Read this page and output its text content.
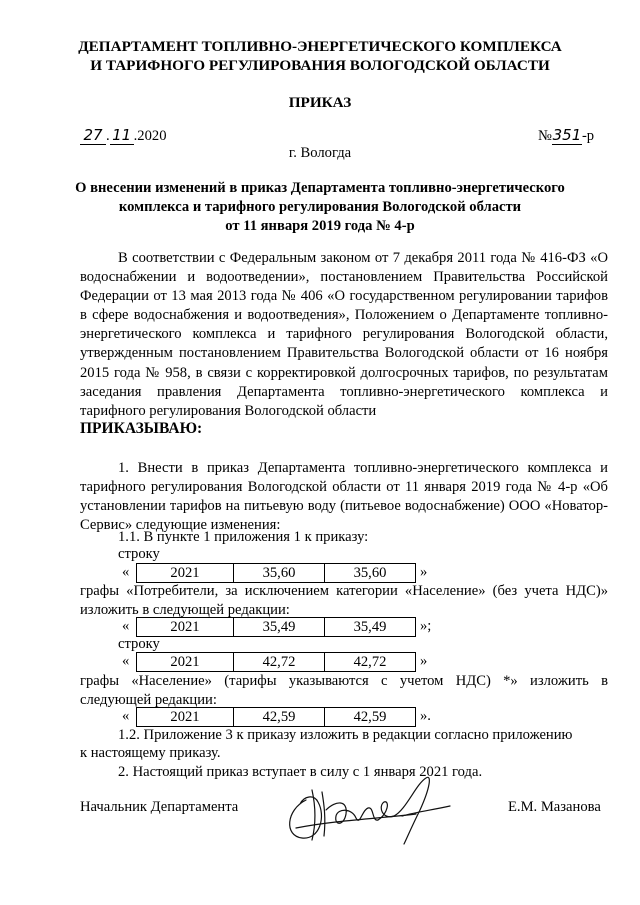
ДЕПАРТАМЕНТ ТОПЛИВНО-ЭНЕРГЕТИЧЕСКОГО КОМПЛЕКСА
И ТАРИФНОГО РЕГУЛИРОВАНИЯ ВОЛОГОДСКОЙ ОБЛАСТИ
ПРИКАЗ
27 . 11 .2020	№351-р
г. Вологда
О внесении изменений в приказ Департамента топливно-энергетического
комплекса и тарифного регулирования Вологодской области
от 11 января 2019 года № 4-р
В соответствии с Федеральным законом от 7 декабря 2011 года № 416-ФЗ «О водоснабжении и водоотведении», постановлением Правительства Российской Федерации от 13 мая 2013 года № 406 «О государственном регулировании тарифов в сфере водоснабжения и водоотведения», Положением о Департаменте топливно-энергетического комплекса и тарифного регулирования Вологодской области, утвержденным постановлением Правительства Вологодской области от 16 ноября 2015 года № 958, в связи с корректировкой долгосрочных тарифов, по результатам заседания правления Департамента топливно-энергетического комплекса и тарифного регулирования Вологодской области
ПРИКАЗЫВАЮ:
1. Внести в приказ Департамента топливно-энергетического комплекса и тарифного регулирования Вологодской области от 11 января 2019 года № 4-р «Об установлении тарифов на питьевую воду (питьевое водоснабжение) ООО «Новатор-Сервис» следующие изменения:
1.1. В пункте 1 приложения 1 к приказу:
строку
«	2021	35,60	35,60 »
графы «Потребители, за исключением категории «Население» (без учета НДС)»
изложить в следующей редакции:
«	2021	35,49	35,49 »;
строку
«	2021	42,72	42,72 »
графы «Население» (тарифы указываются с учетом НДС) *» изложить в
следующей редакции:
«	2021	42,59	42,59 ».
1.2. Приложение 3 к приказу изложить в редакции согласно приложению
к настоящему приказу.
2. Настоящий приказ вступает в силу с 1 января 2021 года.
Начальник Департамента	Е.М. Мазанова
